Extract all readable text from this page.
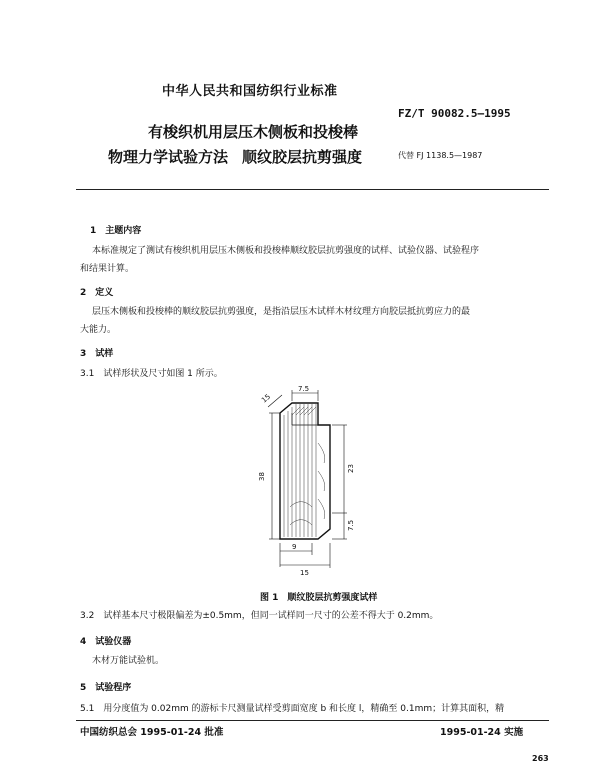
中华人民共和国纺织行业标准
FZ/T 90082.5—1995
有梭织机用层压木侧板和投梭棒
物理力学试验方法 顺纹胶层抗剪强度	代替 FJ 1138.5—1987
1　主题内容
本标准规定了测试有梭织机用层压木侧板和投梭棒顺纹胶层抗剪强度的试样、试验仪器、试验程序
和结果计算。
2　定义
层压木侧板和投梭棒的顺纹胶层抗剪强度，是指沿层压木试样木材纹理方向胶层抵抗剪应力的最
大能力。
3　试样
3.1　试样形状及尺寸如图 1 所示。
7.5
15
38
23
7.5
9
15
图 1　顺纹胶层抗剪强度试样
3.2　试样基本尺寸极限偏差为±0.5mm，但同一试样同一尺寸的公差不得大于 0.2mm。
4　试验仪器
木材万能试验机。
5　试验程序
5.1　用分度值为 0.02mm 的游标卡尺测量试样受剪面宽度 b 和长度 l，精确至 0.1mm；计算其面积，精
中国纺织总会 1995-01-24 批准	1995-01-24 实施
263
